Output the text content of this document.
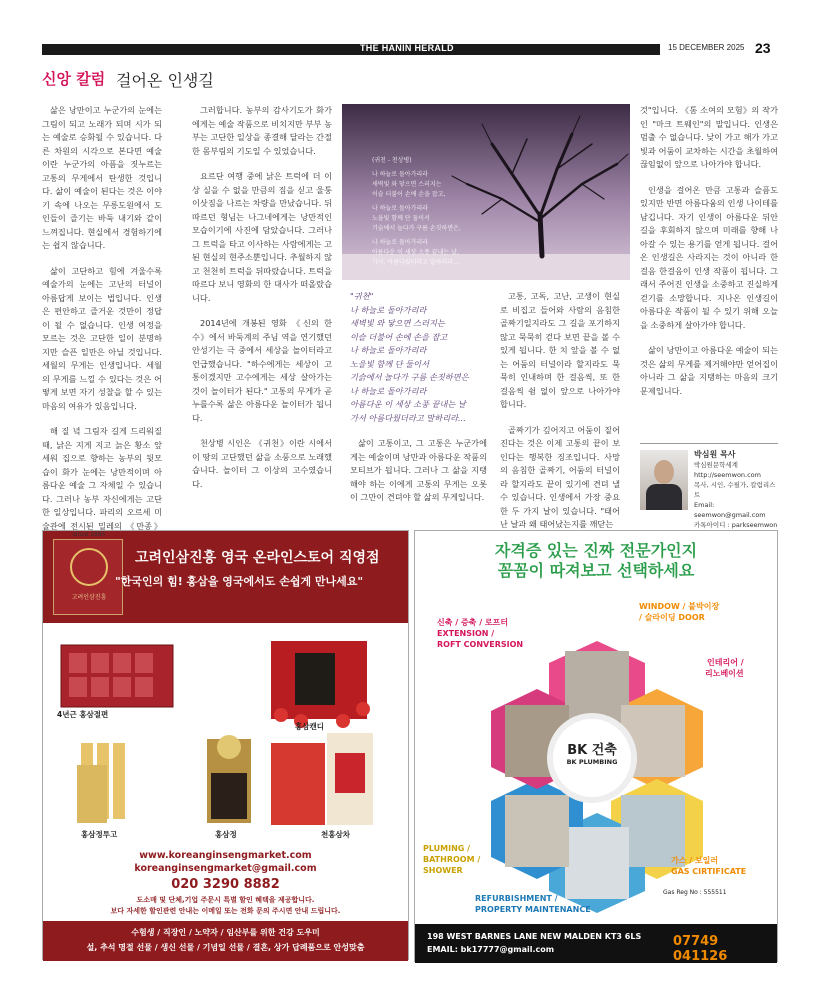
THE HANIN HERALD	15 DECEMBER 2025 23
신앙 칼럼 걸어온 인생길

삶은 낭만이고 누군가의 눈에는 그림이 되고 노래가 되며 시가 되는 예술로 승화될 수 있습니다. 다른 차원의 시각으로 본다면 예술이란 누군가의 아픔을 짓누르는 고통의 무게에서 탄생한 것입니다. 삶이 예술이 된다는 것은 이야기 속에 나오는 무릉도원에서 도인들이 즐기는 바둑 내기와 같이 느껴집니다. 현실에서 경험하기에는 쉽지 않습니다.

삶이 고단하고 힘에 겨울수록 예술가의 눈에는 고난의 터널이 아름답게 보이는 법입니다. 인생은 편안하고 즐거운 것만이 정답이 될 수 없습니다. 인생 여정을 모르는 것은 고단한 일이 분명하지만 슬픈 일만은 아닐 것입니다. 세월의 무게는 인생입니다. 세월의 무게를 느낄 수 있다는 것은 어떻게 보면 자기 성찰을 할 수 있는 마음의 여유가 있음입니다.

해 질 녘 그림자 길게 드리워질 때, 낡은 지게 지고 늙은 황소 앞세워 집으로 향하는 농부의 뒷모습이 화가 눈에는 낭만적이며 아름다운 예술 그 자체일 수 있습니다. 그러나 농부 자신에게는 고단한 일상입니다. 파리의 오르세 미술관에 전시된 밀레의 《만종》

그러합니다. 농부의 감사기도가 화가에게는 예술 작품으로 비치지만 부부 농부는 고단한 일상을 종결해 달라는 간절한 몸부림의 기도일 수 있었습니다.

요르단 여행 중에 낡은 트럭에 더 이상 실을 수 없을 만큼의 짐을 싣고 울퉁이삿짐을 나르는 차량을 만났습니다. 뒤따르던 형님는 나그네에게는 낭만적인 모습이기에 사진에 담았습니다. 그러나 그 트럭을 타고 이사하는 사람에게는 고된 현실의 현주소뿐입니다. 추월하지 않고 천천히 트럭을 뒤따랐습니다. 트럭을 따르다 보니 영화의 한 대사가 떠올랐습니다.

2014년에 개봉된 영화 《신의 한 수》에서 바둑계의 주님 역을 연기했던 안성기는 극 중에서 세상을 놀이터라고 언급했습니다. "하수에게는 세상이 고통이겠지만 고수에게는 세상 살아가는 것이 놀이터가 된다." 고통의 무게가 곧 누를수록 삶은 아름다운 놀이터가 됩니다.

천상병 시인은 《귀천》이란 시에서 이 땅의 고단했던 삶을 소풍으로 노래했습니다. 놀이터 그 이상의 고수였습니다.

(귀천 - 천상병)
나 하늘로 돌아가리라
새벽빛 와 닿으면 스러지는
이슬 더불어 손에 손을 잡고,
나 하늘로 돌아가리라
노을빛 함께 단 둘이서
기슭에서 놀다가 구름 손짓하면은,
나 하늘로 돌아가리라
아름다운 이 세상 소풍 끝내는 날,
가서, 아름다웠더라고 말하리라...

"귀천"

나 하늘로 돌아가리라
새벽빛 와 닿으면 스러지는
이슬 더불어 손에 손을 잡고
나 하늘로 돌아가리라
노을빛 함께 단 둘이서
기슭에서 놀다가 구름 손짓하면은
나 하늘로 돌아가리라
아름다운 이 세상 소풍 끝내는 날
가서 아름다웠더라고 말하리라...

삶이 고통이고, 그 고통은 누군가에게는 예술이며 낭만과 아름다운 작품의 모티브가 됩니다. 그러나 그 삶을 지탱해야 하는 이에게 고통의 무게는 오롯이 그만이 견뎌야 할 삶의 무게입니다.

고통, 고독, 고난, 고생이 현실로 비집고 들어와 사람의 음침한 골짜기일지라도 그 길을 포기하지 않고 묵묵히 걷다 보면 끝을 볼 수 있게 됩니다. 한 치 앞을 볼 수 없는 어둠의 터널이라 할지라도 묵묵히 인내하며 한 걸음씩, 또 한 걸음씩 쉼 없이 앞으로 나아가야 합니다.

골짜기가 깊어지고 어둠이 짙어진다는 것은 이제 고통의 끝이 보인다는 행복한 징조입니다. 사망의 음침한 골짜기, 어둠의 터널이라 할지라도 끝이 있기에 견뎌 낼 수 있습니다. 인생에서 가장 중요한 두 가지 날이 있습니다. "태어난 날과 왜 태어났는지를 깨닫는

것"입니다. 《톰 소여의 모험》의 작가인 "마크 트웨인"의 말입니다. 인생은 멈출 수 없습니다. 낮이 가고 해가 가고 빛과 어둠이 교차하는 시간을 초월하여 끊임없이 앞으로 나아가야 합니다.

인생을 걸어온 만큼 고통과 슬픔도 있지만 반면 아름다움의 인생 나이테를 남깁니다. 자기 인생이 아름다운 뒤안길을 후회하지 않으며 미래를 향해 나아갈 수 있는 용기를 얻게 됩니다. 걸어온 인생길은 사라지는 것이 아니라 한 걸음 한걸음이 인생 작품이 됩니다. 그래서 주어진 인생을 소중하고 진실하게 걷기를 소망합니다. 지나온 인생길이 아름다운 작품이 될 수 있기 위해 오늘을 소중하게 살아가야 합니다.

삶이 낭만이고 아름다운 예술이 되는 것은 삶의 무게를 제거해야만 얻어집이 아니라 그 삶을 지탱하는 마음의 크기 문제입니다.

박심원 목사
박심원문학세계
http://seemwon.com
목사, 시인, 수필가, 칼럼리스트
Email: seemwon@gmail.com
카톡아이디 : parkseemwon
since 1985
고려인삼진흥
고려인삼진흥 영국 온라인스토어 직영점
"한국인의 힘! 홍삼을 영국에서도 손쉽게 만나세요"
4년근 홍삼절편
홍삼캔디
홍삼정투고	홍삼정	천홍삼차
www.koreanginsengmarket.com
koreanginsengmarket@gmail.com
020 3290 8882
도소매 및 단체,기업 주문시 특별 할인 혜택을 제공합니다.
보다 자세한 할인관련 안내는 이메일 또는 전화 문의 주시면 안내 드립니다.
수험생 / 직장인 / 노약자 / 임산부를 위한 건강 도우미
설, 추석 명절 선물 / 생신 선물 / 기념일 선물 / 결혼, 상가 답례품으로 안성맞춤
자격증 있는 진짜 전문가인지
꼼꼼이 따져보고 선택하세요
BK 건축
BK PLUMBING
신축 / 증축 / 로프터
EXTENSION /
ROFT CONVERSION
WINDOW / 붙박이장
/ 슬라이딩 DOOR
인테리어 /
리노베이션
가스 / 보일러
GAS CIRTIFICATE
REFURBISHMENT /
PROPERTY MAINTENANCE
PLUMING /
BATHROOM /
SHOWER
Gas Reg No : 555511
198 WEST BARNES LANE NEW MALDEN KT3 6LS
EMAIL: bk17777@gmail.com
07749 041126
